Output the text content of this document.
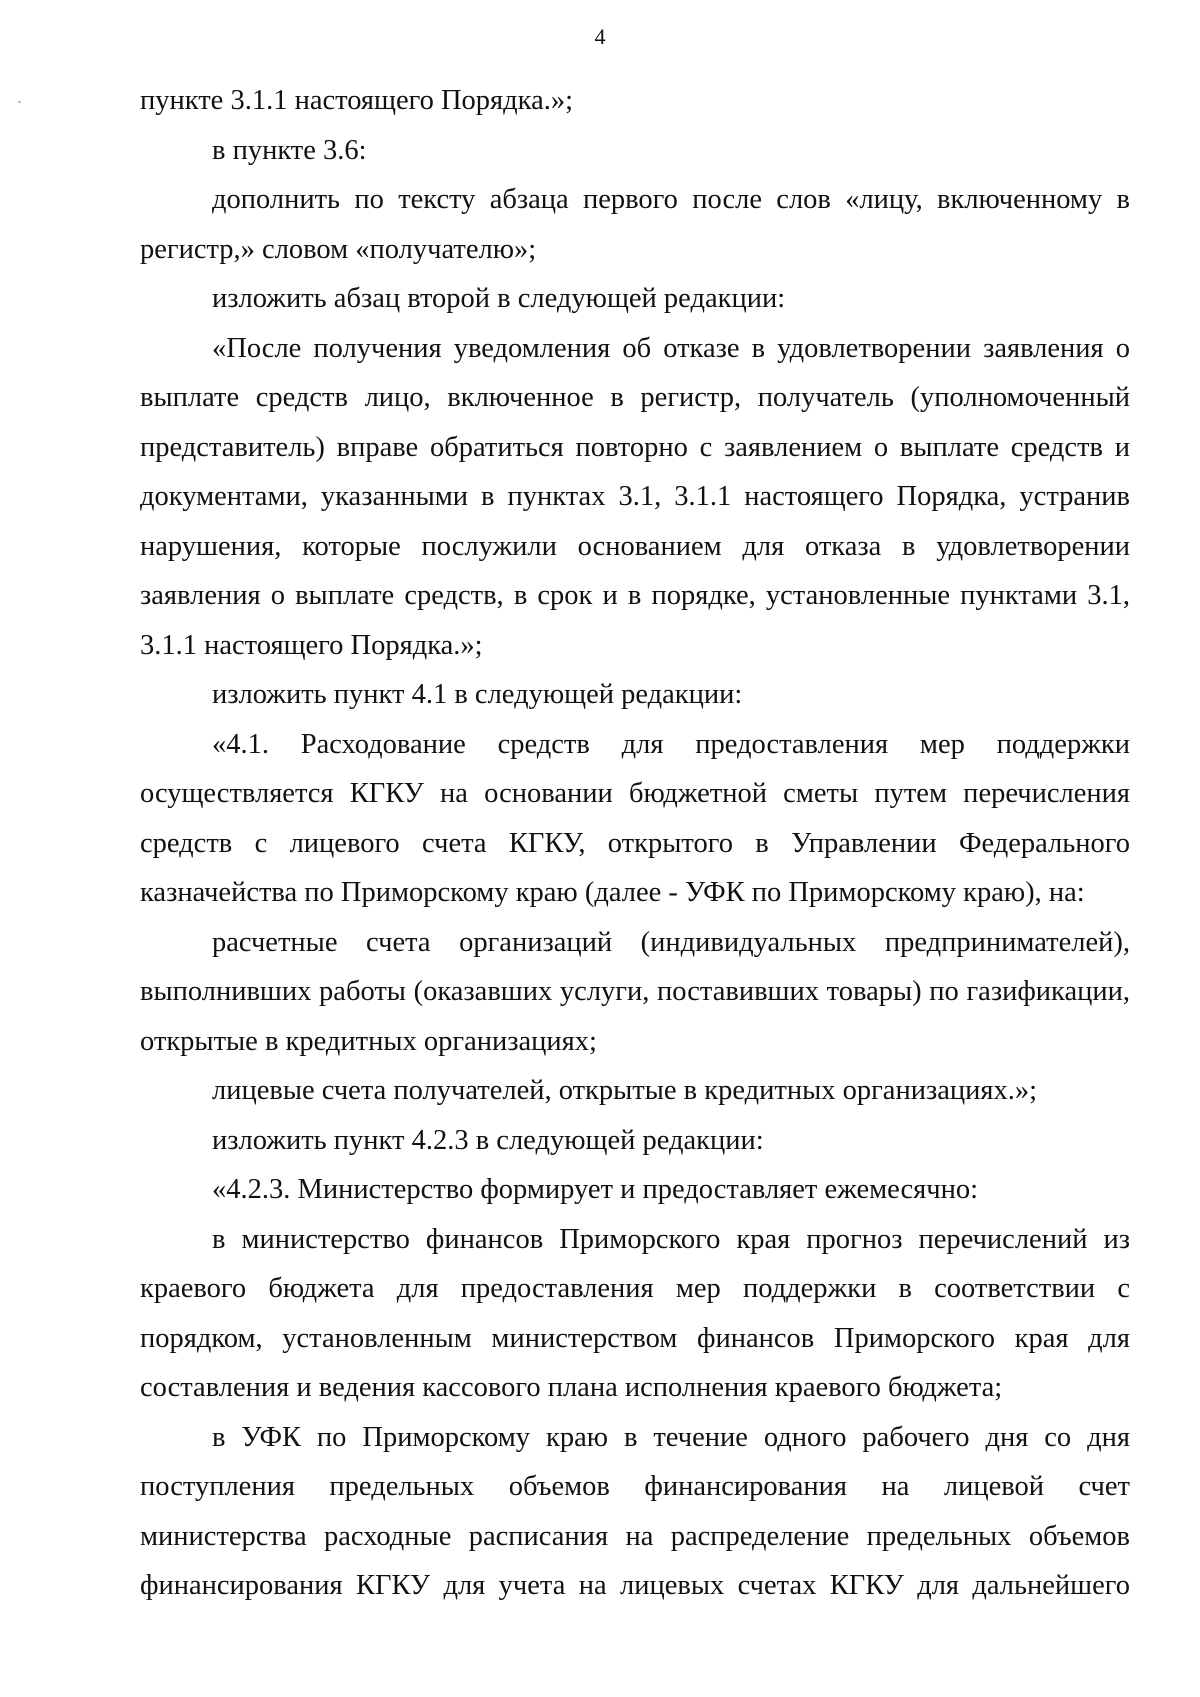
4

пункте 3.1.1 настоящего Порядка.»;

в пункте 3.6:

дополнить по тексту абзаца первого после слов «лицу, включенному в регистр,» словом «получателю»;

изложить абзац второй в следующей редакции:

«После получения уведомления об отказе в удовлетворении заявления о выплате средств лицо, включенное в регистр, получатель (уполномоченный представитель) вправе обратиться повторно с заявлением о выплате средств и документами, указанными в пунктах 3.1, 3.1.1 настоящего Порядка, устранив нарушения, которые послужили основанием для отказа в удовлетворении заявления о выплате средств, в срок и в порядке, установленные пунктами 3.1, 3.1.1 настоящего Порядка.»;

изложить пункт 4.1 в следующей редакции:

«4.1. Расходование средств для предоставления мер поддержки осуществляется КГКУ на основании бюджетной сметы путем перечисления средств с лицевого счета КГКУ, открытого в Управлении Федерального казначейства по Приморскому краю (далее - УФК по Приморскому краю), на:

расчетные счета организаций (индивидуальных предпринимателей), выполнивших работы (оказавших услуги, поставивших товары) по газификации, открытые в кредитных организациях;

лицевые счета получателей, открытые в кредитных организациях.»;

изложить пункт 4.2.3 в следующей редакции:

«4.2.3. Министерство формирует и предоставляет ежемесячно:

в министерство финансов Приморского края прогноз перечислений из краевого бюджета для предоставления мер поддержки в соответствии с порядком, установленным министерством финансов Приморского края для составления и ведения кассового плана исполнения краевого бюджета;

в УФК по Приморскому краю в течение одного рабочего дня со дня поступления предельных объемов финансирования на лицевой счет министерства расходные расписания на распределение предельных объемов финансирования КГКУ для учета на лицевых счетах КГКУ для дальнейшего
